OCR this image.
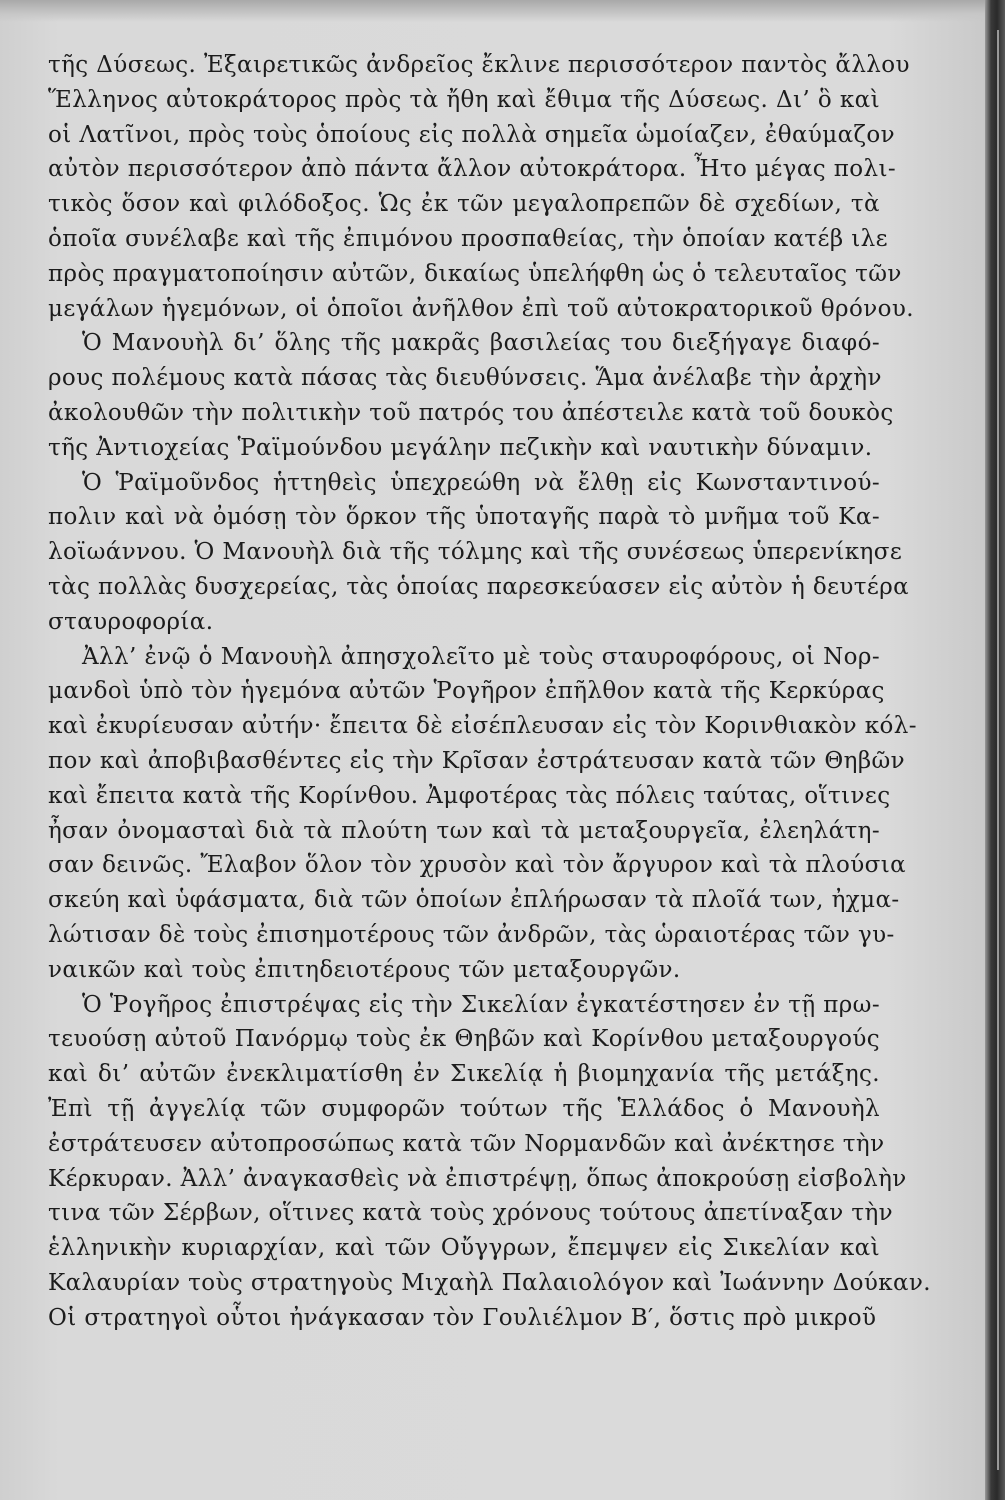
τῆς Δύσεως. Ἐξαιρετικῶς ἀνδρεῖος ἔκλινε περισσότερον παντὸς ἄλλου
Ἕλληνος αὐτοκράτορος πρὸς τὰ ἤθη καὶ ἔθιμα τῆς Δύσεως. Δι’ ὃ καὶ
οἱ Λατῖνοι, πρὸς τοὺς ὁποίους εἰς πολλὰ σημεῖα ὡμοίαζεν, ἐθαύμαζον
αὐτὸν περισσότερον ἀπὸ πάντα ἄλλον αὐτοκράτορα. Ἦτο μέγας πολι-
τικὸς ὅσον καὶ φιλόδοξος. Ὡς ἐκ τῶν μεγαλοπρεπῶν δὲ σχεδίων, τὰ
ὁποῖα συνέλαβε καὶ τῆς ἐπιμόνου προσπαθείας, τὴν ὁποίαν κατέβ ιλε
πρὸς πραγματοποίησιν αὐτῶν, δικαίως ὑπελήφθη ὡς ὁ τελευταῖος τῶν
μεγάλων ἡγεμόνων, οἱ ὁποῖοι ἀνῆλθον ἐπὶ τοῦ αὐτοκρατορικοῦ θρόνου.
Ὁ Μανουὴλ δι’ ὅλης τῆς μακρᾶς βασιλείας του διεξήγαγε διαφό-
ρους πολέμους κατὰ πάσας τὰς διευθύνσεις. Ἅμα ἀνέλαβε τὴν ἀρχὴν
ἀκολουθῶν τὴν πολιτικὴν τοῦ πατρός του ἀπέστειλε κατὰ τοῦ δουκὸς
τῆς Ἀντιοχείας Ῥαϊμούνδου μεγάλην πεζικὴν καὶ ναυτικὴν δύναμιν.
Ὁ Ῥαϊμοῦνδος ἡττηθεὶς ὑπεχρεώθη νὰ ἔλθῃ εἰς Κωνσταντινού-
πολιν καὶ νὰ ὀμόσῃ τὸν ὅρκον τῆς ὑποταγῆς παρὰ τὸ μνῆμα τοῦ Κα-
λοϊωάννου. Ὁ Μανουὴλ διὰ τῆς τόλμης καὶ τῆς συνέσεως ὑπερενίκησε
τὰς πολλὰς δυσχερείας, τὰς ὁποίας παρεσκεύασεν εἰς αὐτὸν ἡ δευτέρα
σταυροφορία.
Ἀλλ’ ἐνῷ ὁ Μανουὴλ ἀπησχολεῖτο μὲ τοὺς σταυροφόρους, οἱ Νορ-
μανδοὶ ὑπὸ τὸν ἡγεμόνα αὐτῶν Ῥογῆρον ἐπῆλθον κατὰ τῆς Κερκύρας
καὶ ἐκυρίευσαν αὐτήν· ἔπειτα δὲ εἰσέπλευσαν εἰς τὸν Κορινθιακὸν κόλ-
πον καὶ ἀποβιβασθέντες εἰς τὴν Κρῖσαν ἐστράτευσαν κατὰ τῶν Θηβῶν
καὶ ἔπειτα κατὰ τῆς Κορίνθου. Ἀμφοτέρας τὰς πόλεις ταύτας, οἵτινες
ἦσαν ὀνομασταὶ διὰ τὰ πλούτη των καὶ τὰ μεταξουργεῖα, ἐλεηλάτη-
σαν δεινῶς. Ἔλαβον ὅλον τὸν χρυσὸν καὶ τὸν ἄργυρον καὶ τὰ πλούσια
σκεύη καὶ ὑφάσματα, διὰ τῶν ὁποίων ἐπλήρωσαν τὰ πλοῖά των, ἠχμα-
λώτισαν δὲ τοὺς ἐπισημοτέρους τῶν ἀνδρῶν, τὰς ὡραιοτέρας τῶν γυ-
ναικῶν καὶ τοὺς ἐπιτηδειοτέρους τῶν μεταξουργῶν.
Ὁ Ῥογῆρος ἐπιστρέψας εἰς τὴν Σικελίαν ἐγκατέστησεν ἐν τῇ πρω-
τευούσῃ αὐτοῦ Πανόρμῳ τοὺς ἐκ Θηβῶν καὶ Κορίνθου μεταξουργούς
καὶ δι’ αὐτῶν ἐνεκλιματίσθη ἐν Σικελίᾳ ἡ βιομηχανία τῆς μετάξης.
Ἐπὶ τῇ ἀγγελίᾳ τῶν συμφορῶν τούτων τῆς Ἑλλάδος ὁ Μανουὴλ
ἐστράτευσεν αὐτοπροσώπως κατὰ τῶν Νορμανδῶν καὶ ἀνέκτησε τὴν
Κέρκυραν. Ἀλλ’ ἀναγκασθεὶς νὰ ἐπιστρέψῃ, ὅπως ἀποκρούσῃ εἰσβολὴν
τινα τῶν Σέρβων, οἵτινες κατὰ τοὺς χρόνους τούτους ἀπετίναξαν τὴν
ἑλληνικὴν κυριαρχίαν, καὶ τῶν Οὔγγρων, ἔπεμψεν εἰς Σικελίαν καὶ
Καλαυρίαν τοὺς στρατηγοὺς Μιχαὴλ Παλαιολόγον καὶ Ἰωάννην Δούκαν.
Οἱ στρατηγοὶ οὗτοι ἠνάγκασαν τὸν Γουλιέλμον Β′, ὅστις πρὸ μικροῦ
